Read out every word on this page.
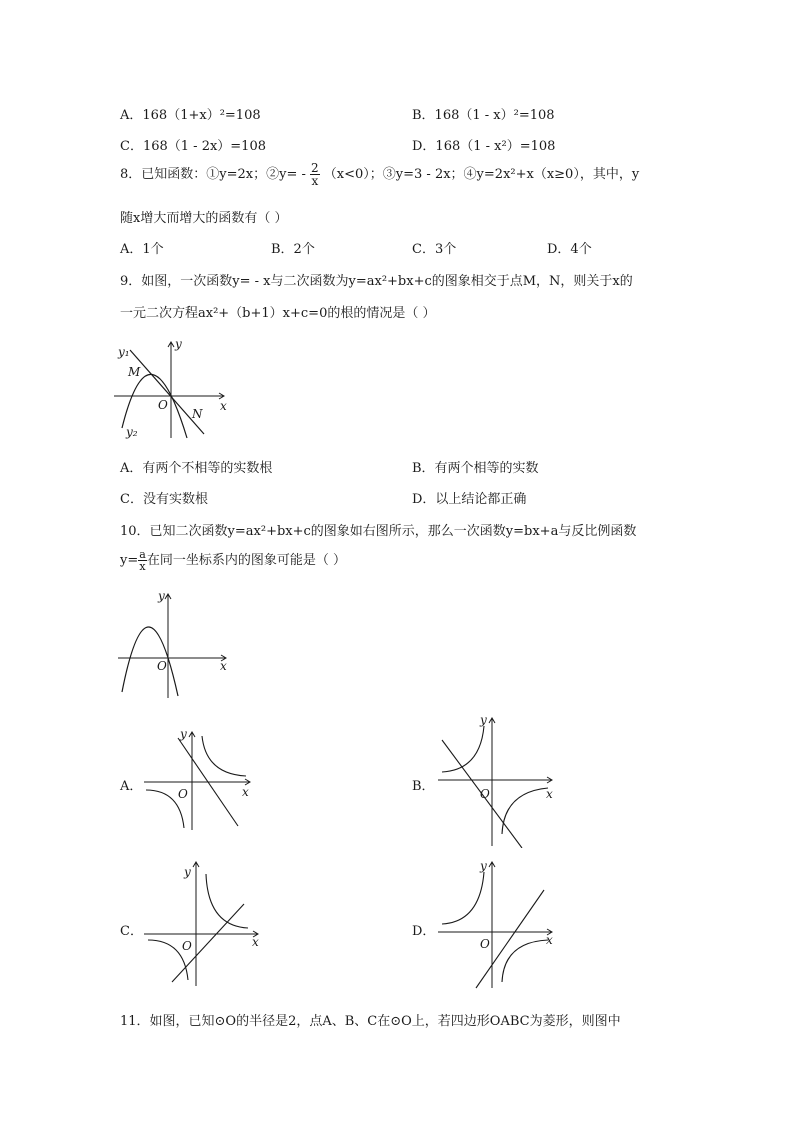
A．168（1+x）²=108	B．168（1 - x）²=108
C．168（1 - 2x）=108	D．168（1 - x²）=108
8．已知函数：①y=2x；②y= - $\frac{2}{x} (x<0)$；③y=3 - 2x；④y=2x²+x（x≥0），其中，y
随x增大而增大的函数有（ ）
A．1个	B．2个	C．3个	D．4个
9．如图，一次函数y= - x与二次函数为y=ax²+bx+c的图象相交于点M，N，则关于x的
一元二次方程ax²+（b+1）x+c=0的根的情况是（ ）
y₁
M
O
N
x
y
y₂
A．有两个不相等的实数根	B．有两个相等的实数
C．没有实数根	D．以上结论都正确
10．已知二次函数y=ax²+bx+c的图象如右图所示，那么一次函数y=bx+a与反比例函数
$y= \frac{a}{x}$ 在同一坐标系内的图象可能是（ ）
O	x
y
A．	O	x
y
B．	O	x
y
C．
O	x
y
D．
O	x
y
11．如图，已知⊙O的半径是2，点A、B、C在⊙O上，若四边形OABC为菱形，则图中
